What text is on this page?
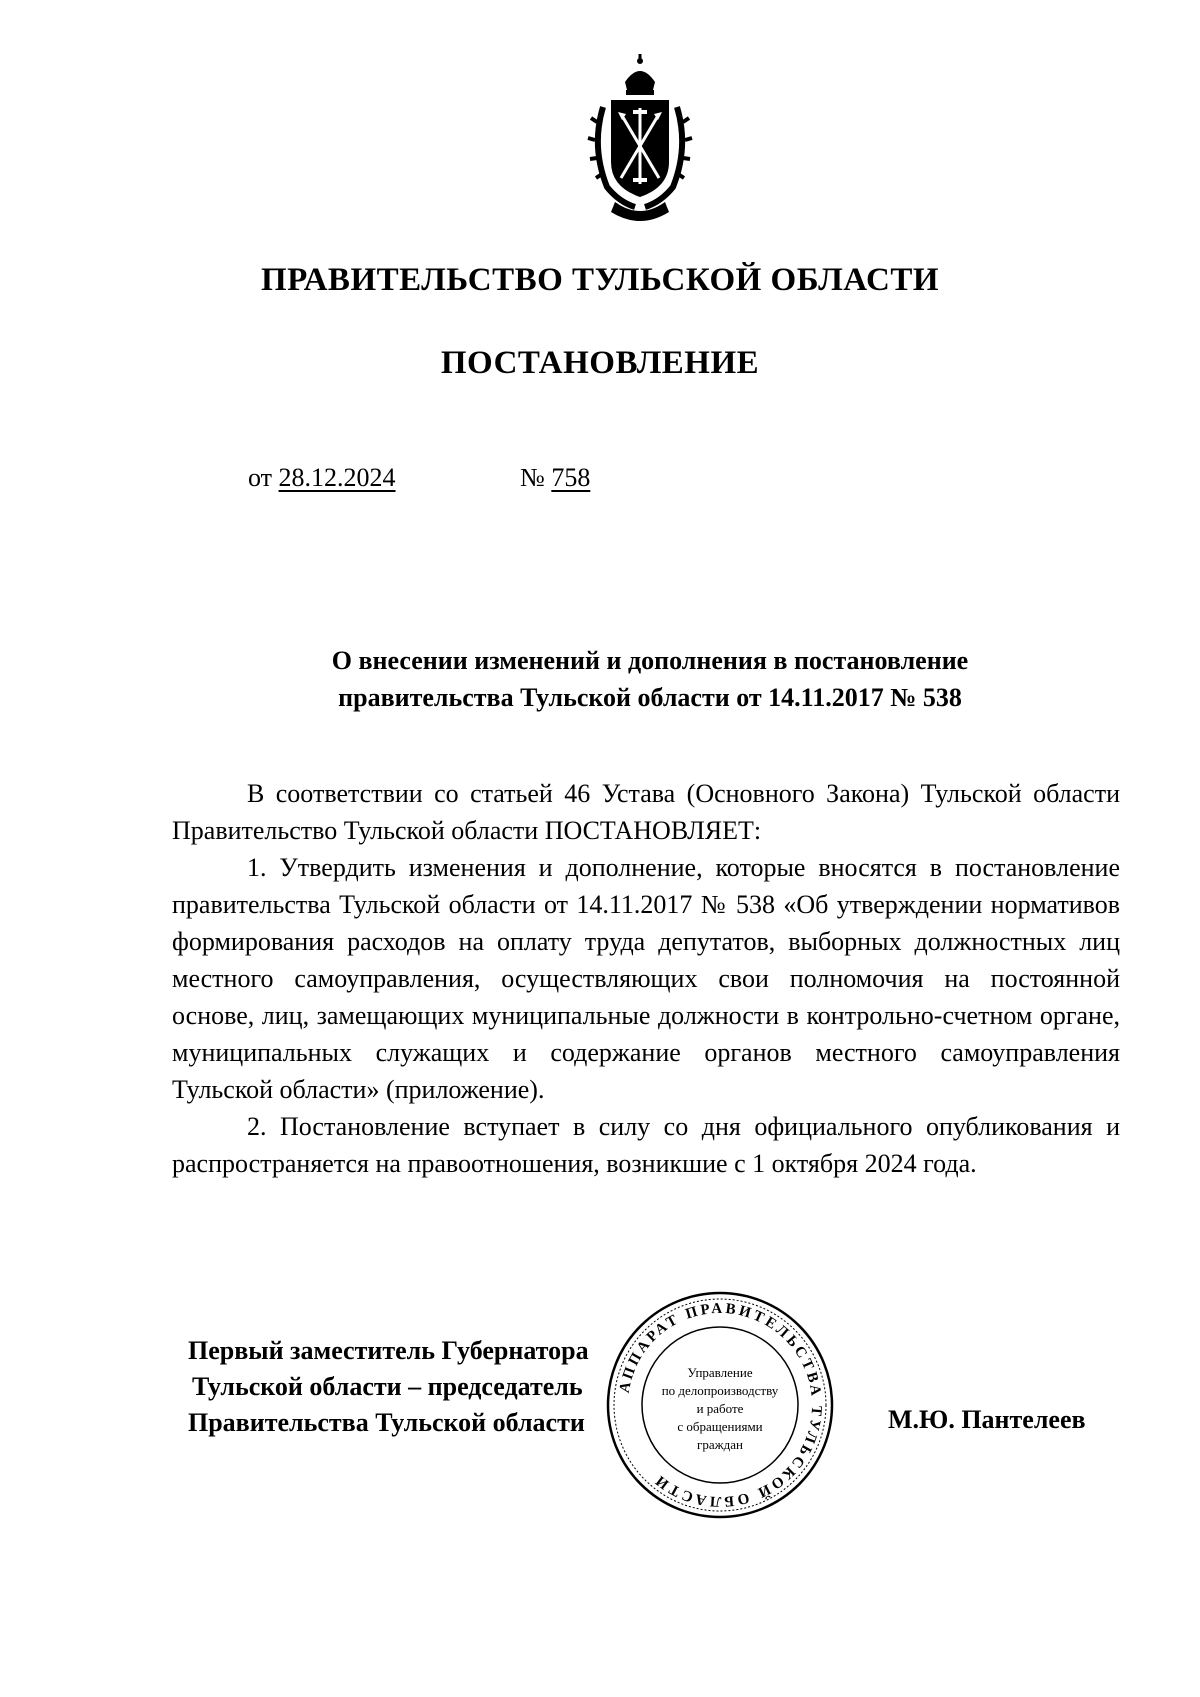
ПРАВИТЕЛЬСТВО ТУЛЬСКОЙ ОБЛАСТИ
ПОСТАНОВЛЕНИЕ
от 28.12.2024	№ 758
О внесении изменений и дополнения в постановление
правительства Тульской области от 14.11.2017 № 538

В соответствии со статьей 46 Устава (Основного Закона) Тульской области Правительство Тульской области ПОСТАНОВЛЯЕТ:

1. Утвердить изменения и дополнение, которые вносятся в постановление правительства Тульской области от 14.11.2017 № 538 «Об утверждении нормативов формирования расходов на оплату труда депутатов, выборных должностных лиц местного самоуправления, осуществляющих свои полномочия на постоянной основе, лиц, замещающих муниципальные должности в контрольно-счетном органе, муниципальных служащих и содержание органов местного самоуправления Тульской области» (приложение).

2. Постановление вступает в силу со дня официального опубликования и распространяется на правоотношения, возникшие с 1 октября 2024 года.

Первый заместитель Губернатора
Тульской области – председатель
Правительства Тульской области	М.Ю. Пантелеев
АППАРАТ ПРАВИТЕЛЬСТВА ТУЛЬСКОЙ ОБЛАСТИ
Управление
по делопроизводству
и работе
с обращениями
граждан
